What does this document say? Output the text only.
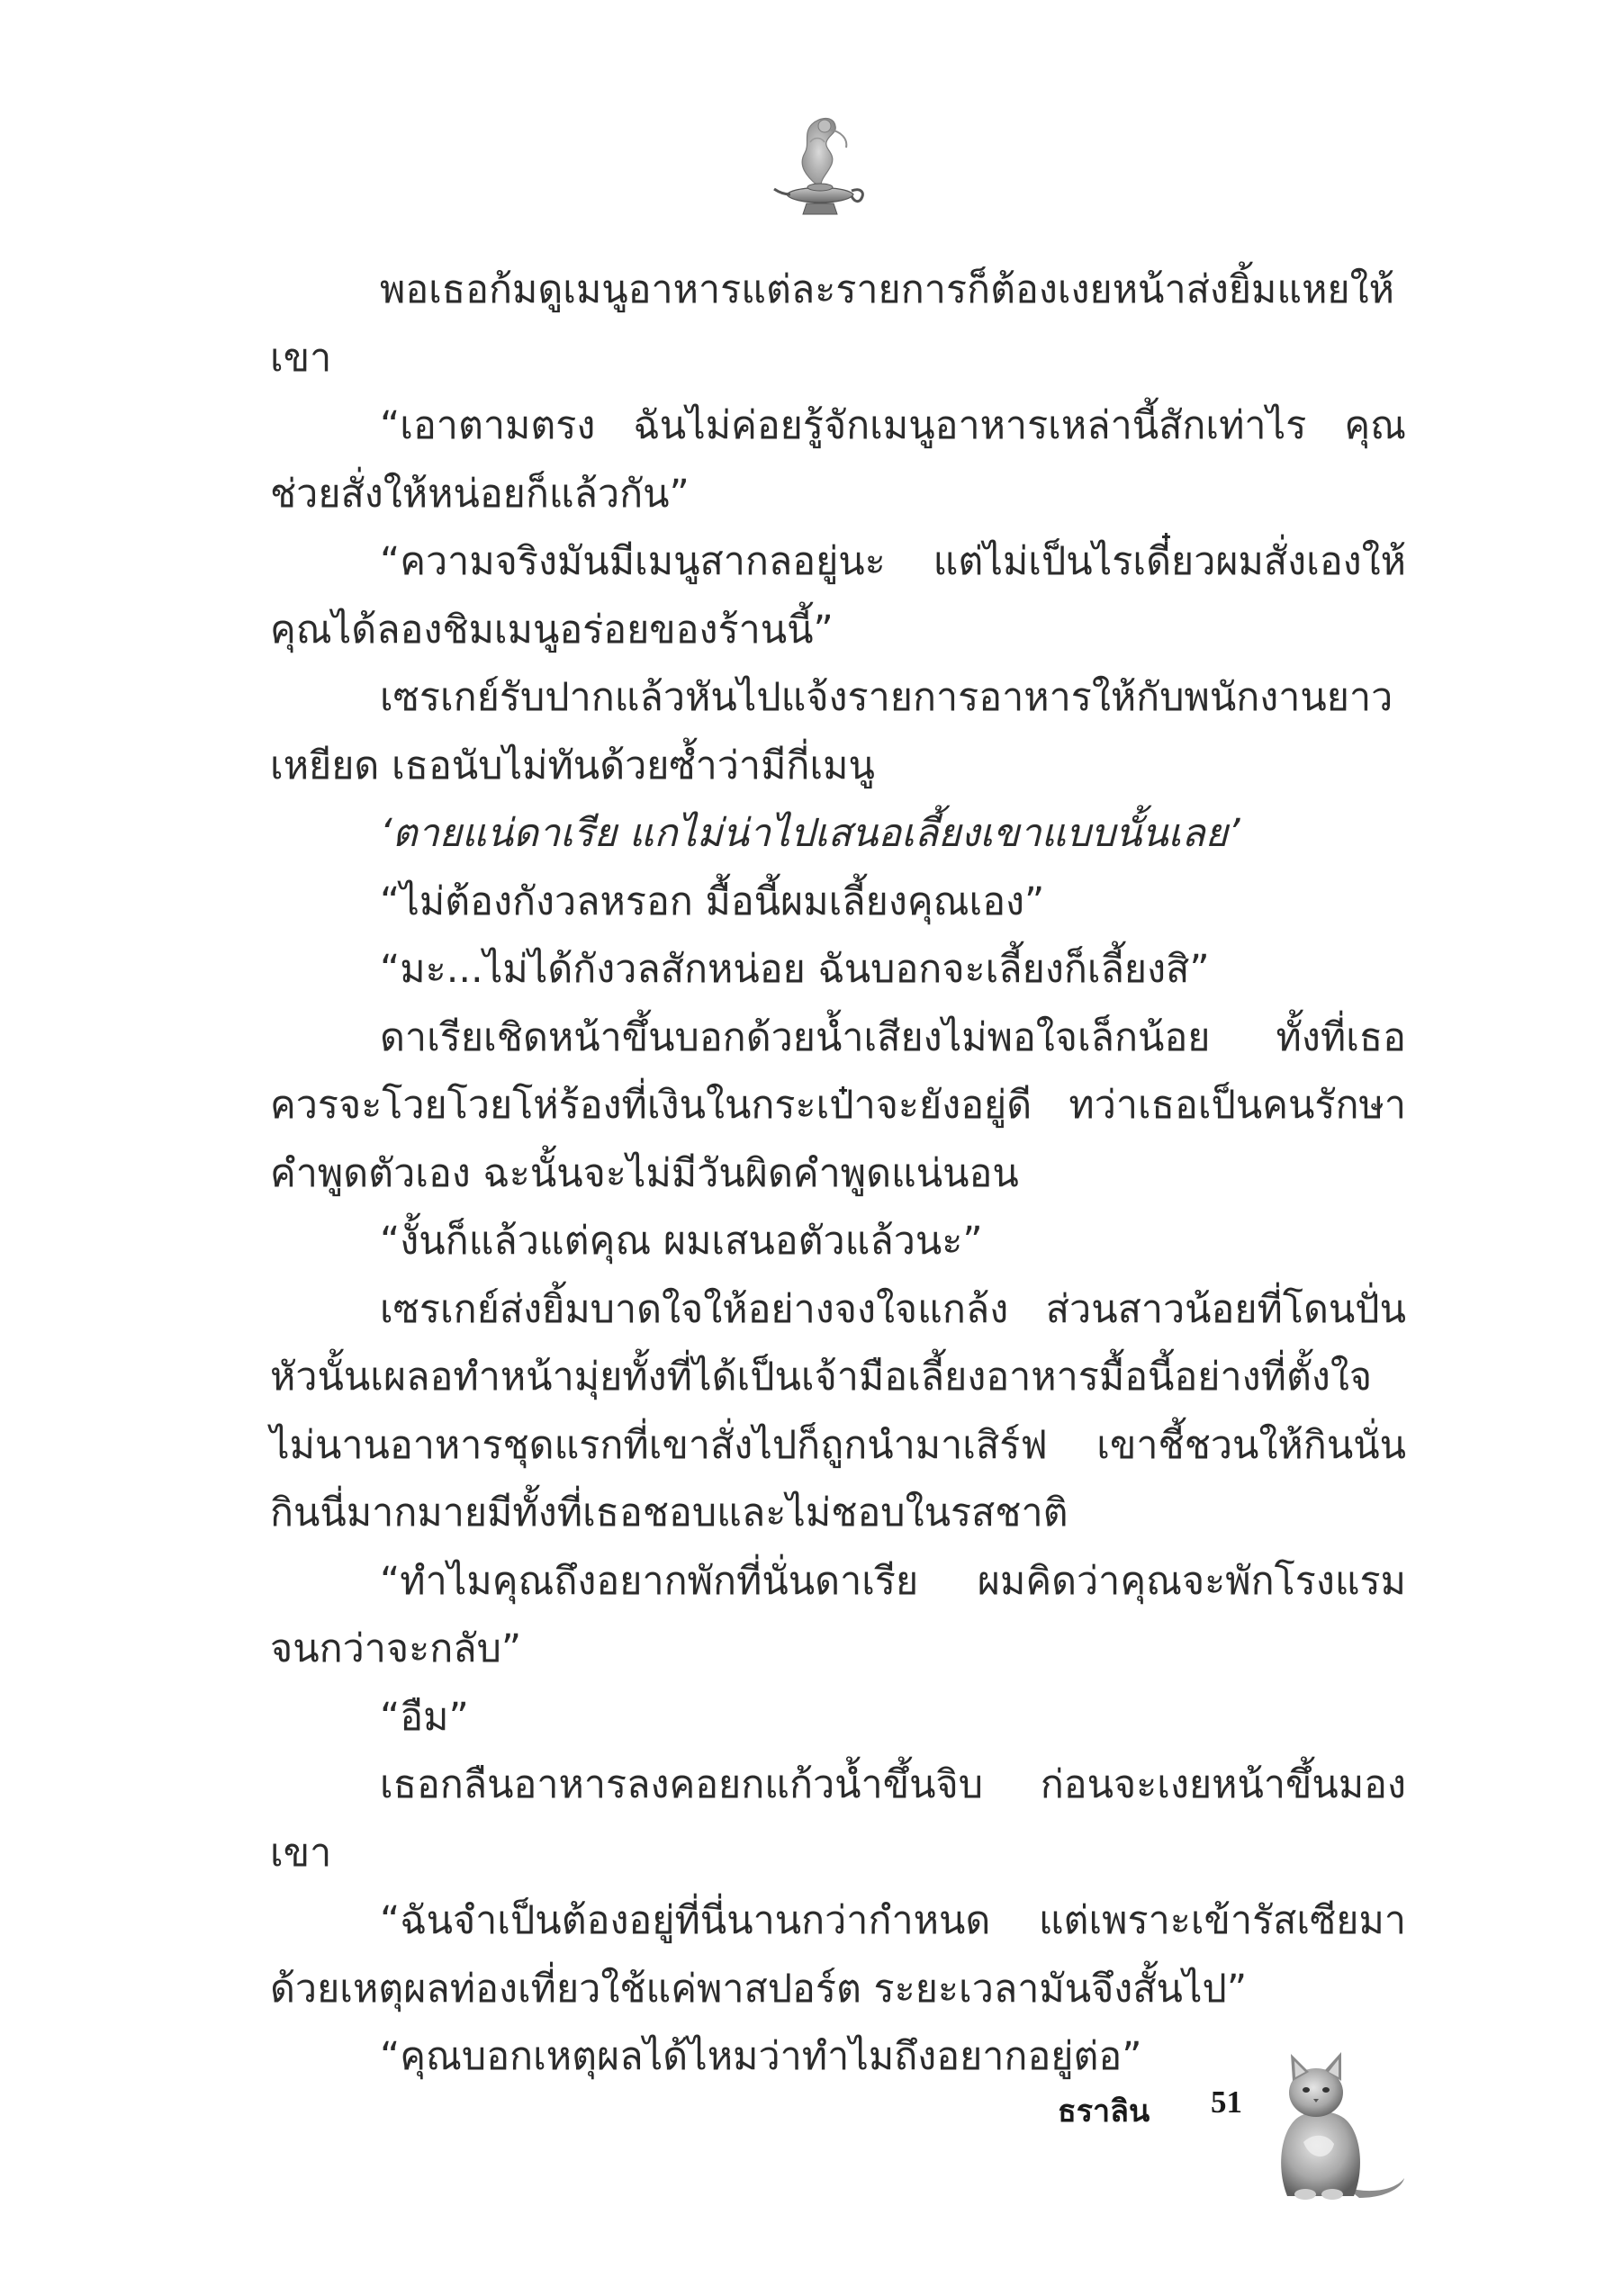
พอเธอก้มดูเมนูอาหารแต่ละรายการก็ต้องเงยหน้าส่งยิ้มแหยให้เขา

“เอาตามตรง ฉันไม่ค่อยรู้จักเมนูอาหารเหล่านี้สักเท่าไร คุณช่วยสั่งให้หน่อยก็แล้วกัน”

“ความจริงมันมีเมนูสากลอยู่นะ แต่ไม่เป็นไรเดี๋ยวผมสั่งเองให้คุณได้ลองชิมเมนูอร่อยของร้านนี้”

เซรเกย์รับปากแล้วหันไปแจ้งรายการอาหารให้กับพนักงานยาวเหยียด เธอนับไม่ทันด้วยซ้ำว่ามีกี่เมนู

‘ตายแน่ดาเรีย แกไม่น่าไปเสนอเลี้ยงเขาแบบนั้นเลย’

“ไม่ต้องกังวลหรอก มื้อนี้ผมเลี้ยงคุณเอง”

“มะ...ไม่ได้กังวลสักหน่อย ฉันบอกจะเลี้ยงก็เลี้ยงสิ”

ดาเรียเชิดหน้าขึ้นบอกด้วยน้ำเสียงไม่พอใจเล็กน้อย ทั้งที่เธอควรจะโวยโวยโห่ร้องที่เงินในกระเป๋าจะยังอยู่ดี ทว่าเธอเป็นคนรักษาคำพูดตัวเอง ฉะนั้นจะไม่มีวันผิดคำพูดแน่นอน

“งั้นก็แล้วแต่คุณ ผมเสนอตัวแล้วนะ”

เซรเกย์ส่งยิ้มบาดใจให้อย่างจงใจแกล้ง ส่วนสาวน้อยที่โดนปั่นหัวนั้นเผลอทำหน้ามุ่ยทั้งที่ได้เป็นเจ้ามือเลี้ยงอาหารมื้อนี้อย่างที่ตั้งใจ ไม่นานอาหารชุดแรกที่เขาสั่งไปก็ถูกนำมาเสิร์ฟ เขาชี้ชวนให้กินนั่นกินนี่มากมายมีทั้งที่เธอชอบและไม่ชอบในรสชาติ

“ทำไมคุณถึงอยากพักที่นั่นดาเรีย ผมคิดว่าคุณจะพักโรงแรมจนกว่าจะกลับ”

“อืม”

เธอกลืนอาหารลงคอยกแก้วน้ำขึ้นจิบ ก่อนจะเงยหน้าขึ้นมองเขา

“ฉันจำเป็นต้องอยู่ที่นี่นานกว่ากำหนด แต่เพราะเข้ารัสเซียมาด้วยเหตุผลท่องเที่ยวใช้แค่พาสปอร์ต ระยะเวลามันจึงสั้นไป”

“คุณบอกเหตุผลได้ไหมว่าทำไมถึงอยากอยู่ต่อ”

ธราลิน 51
